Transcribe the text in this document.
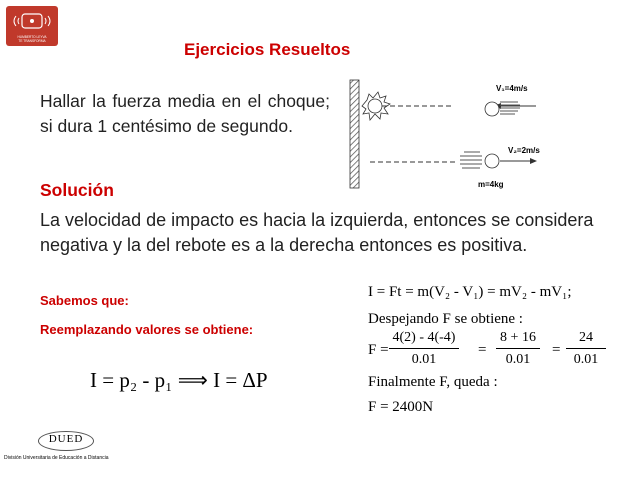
HUMBERTO LEYVA
TE TRANSFORMA	Ejercicios Resueltos
Hallar la fuerza media en el choque; si dura 1 centésimo de segundo.
V₁=4m/s
V₂=2m/s
m=4kg
Solución
La velocidad de impacto es hacia la izquierda, entonces se considera negativa y la del rebote es a la derecha entonces es positiva.
Sabemos que:
Reemplazando valores se obtiene:
I = p₂ - p₁ ⟹ I = ΔP
I = Ft = m(V₂ - V₁) = mV₂ - mV₁;
Despejando F se obtiene :
F =
4(2) - 4(-4)
0.01
=
8 + 16
0.01
=
24
0.01
Finalmente F, queda :
F = 2400N
DUED
División Universitaria de Educación a Distancia
